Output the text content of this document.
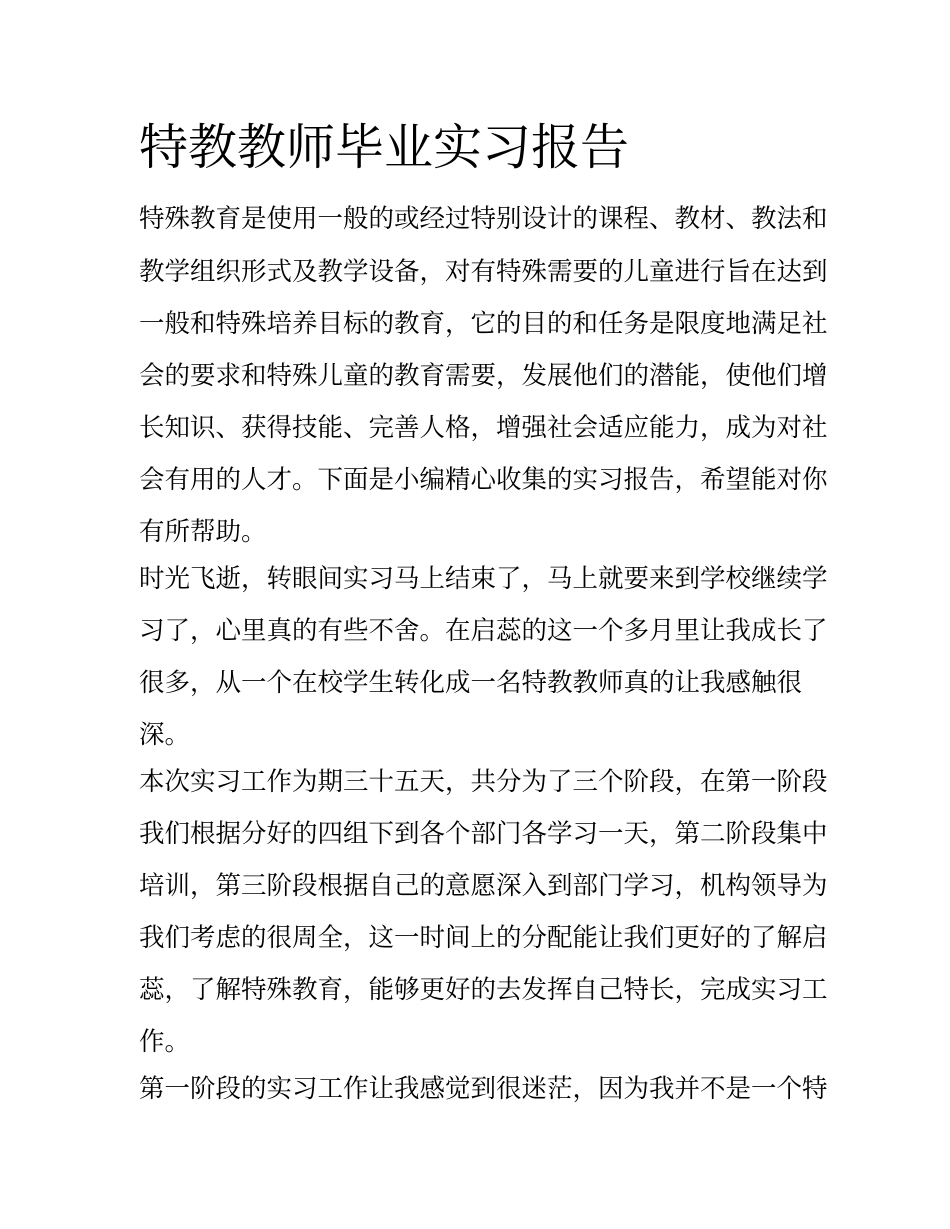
特教教师毕业实习报告

特殊教育是使用一般的或经过特别设计的课程、教材、教法和

教学组织形式及教学设备，对有特殊需要的儿童进行旨在达到

一般和特殊培养目标的教育，它的目的和任务是限度地满足社

会的要求和特殊儿童的教育需要，发展他们的潜能，使他们增

长知识、获得技能、完善人格，增强社会适应能力，成为对社

会有用的人才。下面是小编精心收集的实习报告，希望能对你

有所帮助。

时光飞逝，转眼间实习马上结束了，马上就要来到学校继续学

习了，心里真的有些不舍。在启蕊的这一个多月里让我成长了

很多，从一个在校学生转化成一名特教教师真的让我感触很

深。

本次实习工作为期三十五天，共分为了三个阶段，在第一阶段

我们根据分好的四组下到各个部门各学习一天，第二阶段集中

培训，第三阶段根据自己的意愿深入到部门学习，机构领导为

我们考虑的很周全，这一时间上的分配能让我们更好的了解启

蕊，了解特殊教育，能够更好的去发挥自己特长，完成实习工

作。

第一阶段的实习工作让我感觉到很迷茫，因为我并不是一个特
